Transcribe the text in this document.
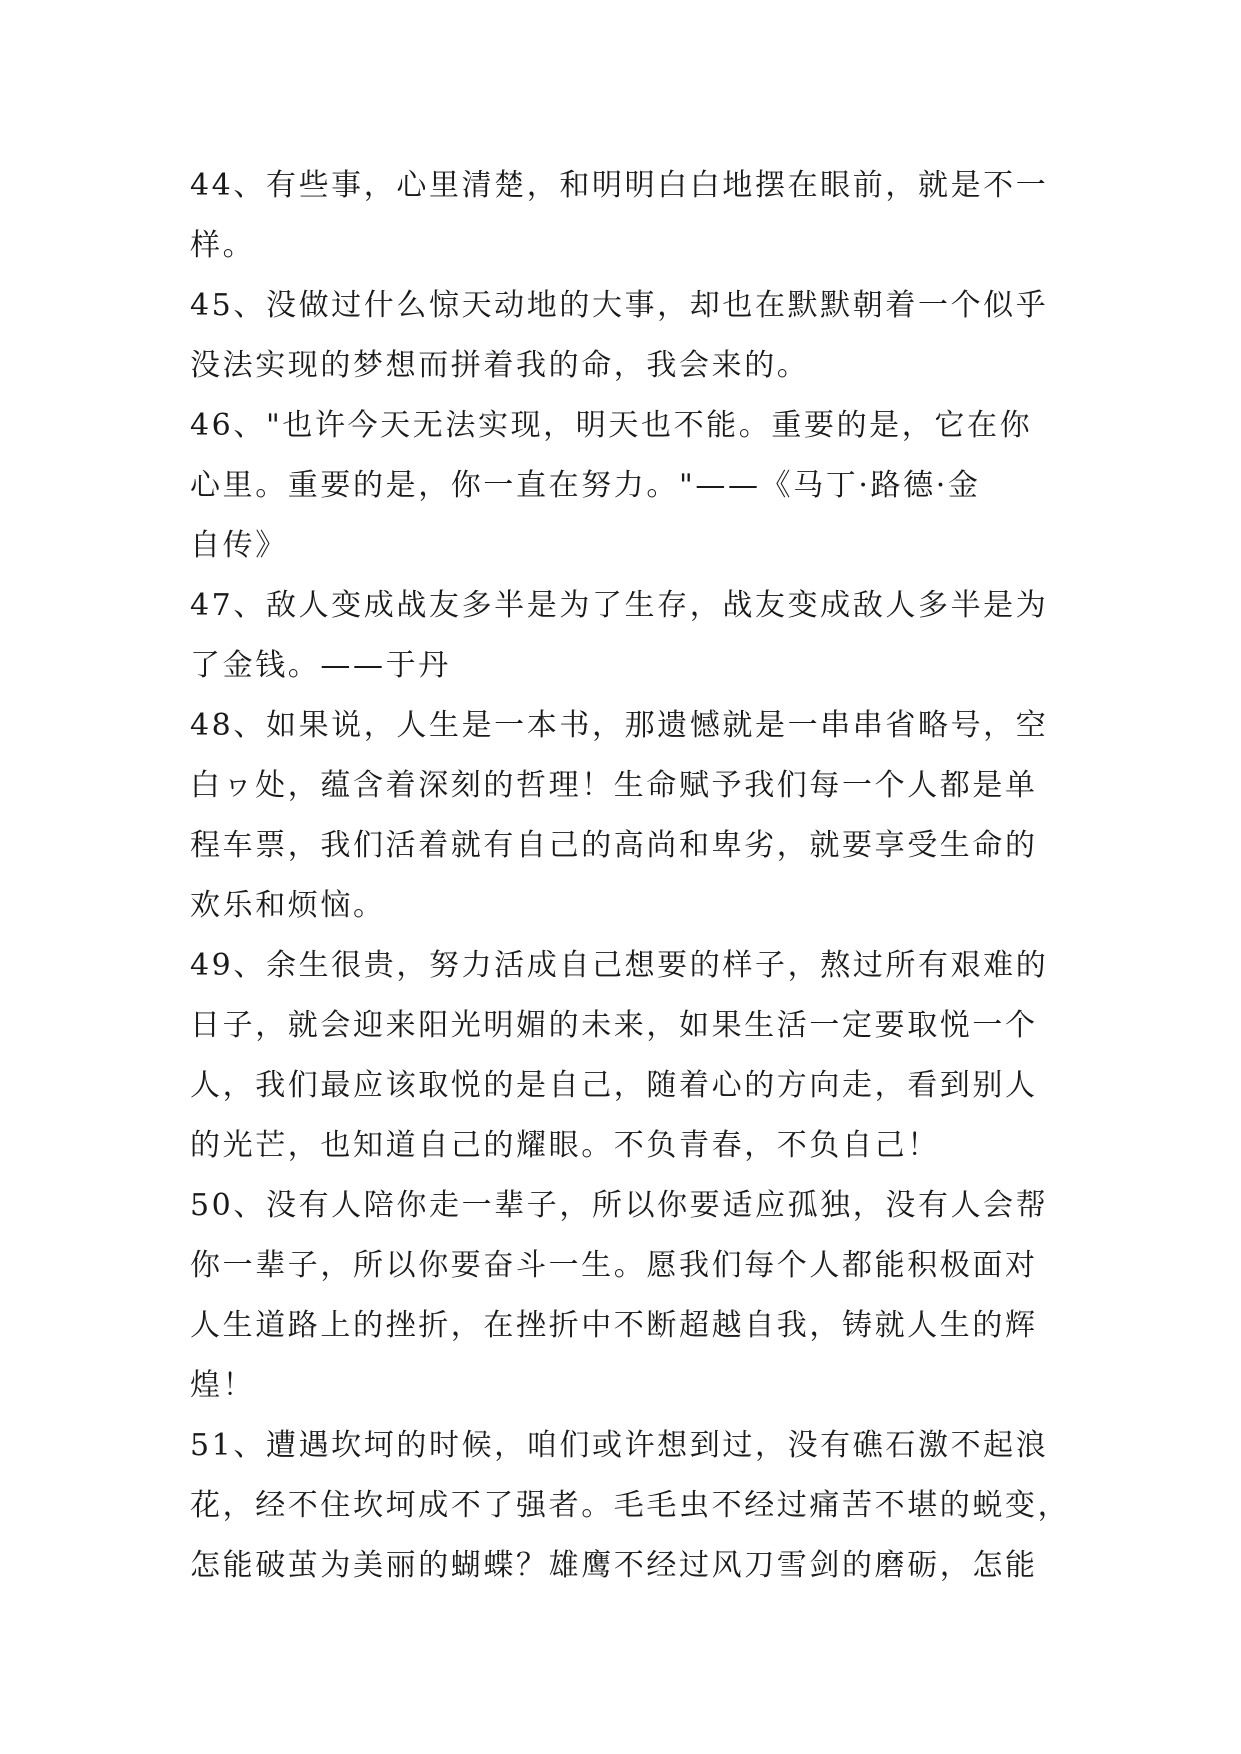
44、有些事，心里清楚，和明明白白地摆在眼前，就是不一
样。
45、没做过什么惊天动地的大事，却也在默默朝着一个似乎
没法实现的梦想而拼着我的命，我会来的。
46、"也许今天无法实现，明天也不能。重要的是，它在你
心里。重要的是，你一直在努力。"——《马丁·路德·金
自传》
47、敌人变成战友多半是为了生存，战友变成敌人多半是为
了金钱。——于丹
48、如果说，人生是一本书，那遗憾就是一串串省略号，空
白ヮ处，蕴含着深刻的哲理！生命赋予我们每一个人都是单
程车票，我们活着就有自己的高尚和卑劣，就要享受生命的
欢乐和烦恼。
49、余生很贵，努力活成自己想要的样子，熬过所有艰难的
日子，就会迎来阳光明媚的未来，如果生活一定要取悦一个
人，我们最应该取悦的是自己，随着心的方向走，看到别人
的光芒，也知道自己的耀眼。不负青春，不负自己！
50、没有人陪你走一辈子，所以你要适应孤独，没有人会帮
你一辈子，所以你要奋斗一生。愿我们每个人都能积极面对
人生道路上的挫折，在挫折中不断超越自我，铸就人生的辉
煌！
51、遭遇坎坷的时候，咱们或许想到过，没有礁石激不起浪
花，经不住坎坷成不了强者。毛毛虫不经过痛苦不堪的蜕变，
怎能破茧为美丽的蝴蝶？雄鹰不经过风刀雪剑的磨砺，怎能
